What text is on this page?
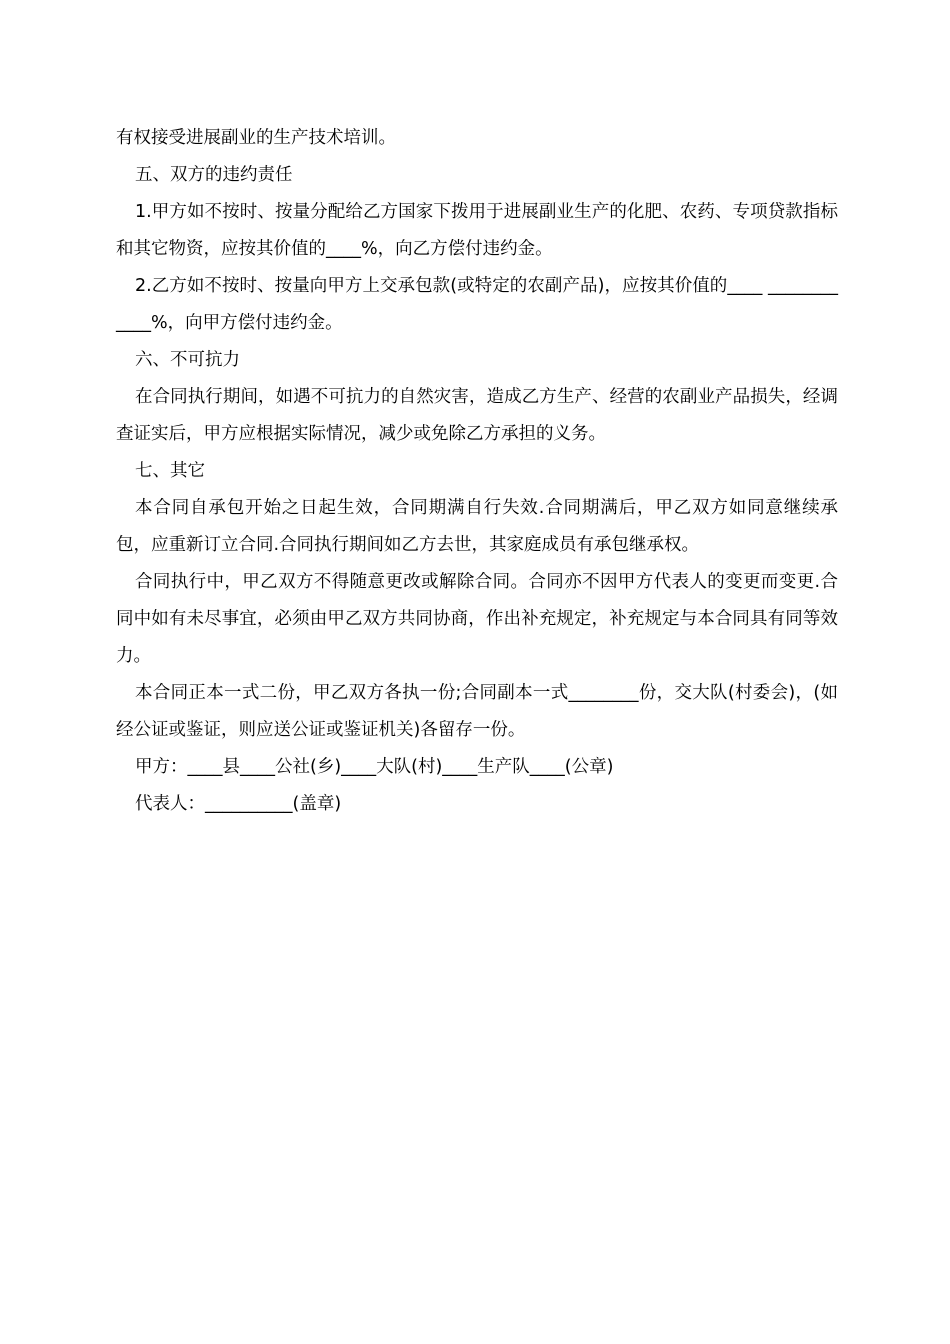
有权接受进展副业的生产技术培训。

五、双方的违约责任

1.甲方如不按时、按量分配给乙方国家下拨用于进展副业生产的化肥、农药、专项贷款指标和其它物资，应按其价值的____%，向乙方偿付违约金。

2.乙方如不按时、按量向甲方上交承包款(或特定的农副产品)，应按其价值的____ ____________%，向甲方偿付违约金。

六、不可抗力

在合同执行期间，如遇不可抗力的自然灾害，造成乙方生产、经营的农副业产品损失，经调查证实后，甲方应根据实际情况，减少或免除乙方承担的义务。

七、其它

本合同自承包开始之日起生效，合同期满自行失效.合同期满后，甲乙双方如同意继续承包，应重新订立合同.合同执行期间如乙方去世，其家庭成员有承包继承权。

合同执行中，甲乙双方不得随意更改或解除合同。合同亦不因甲方代表人的变更而变更.合同中如有未尽事宜，必须由甲乙双方共同协商，作出补充规定，补充规定与本合同具有同等效力。

本合同正本一式二份，甲乙双方各执一份;合同副本一式________份，交大队(村委会)，(如经公证或鉴证，则应送公证或鉴证机关)各留存一份。

甲方：____县____公社(乡)____大队(村)____生产队____(公章)

代表人：__________(盖章)
